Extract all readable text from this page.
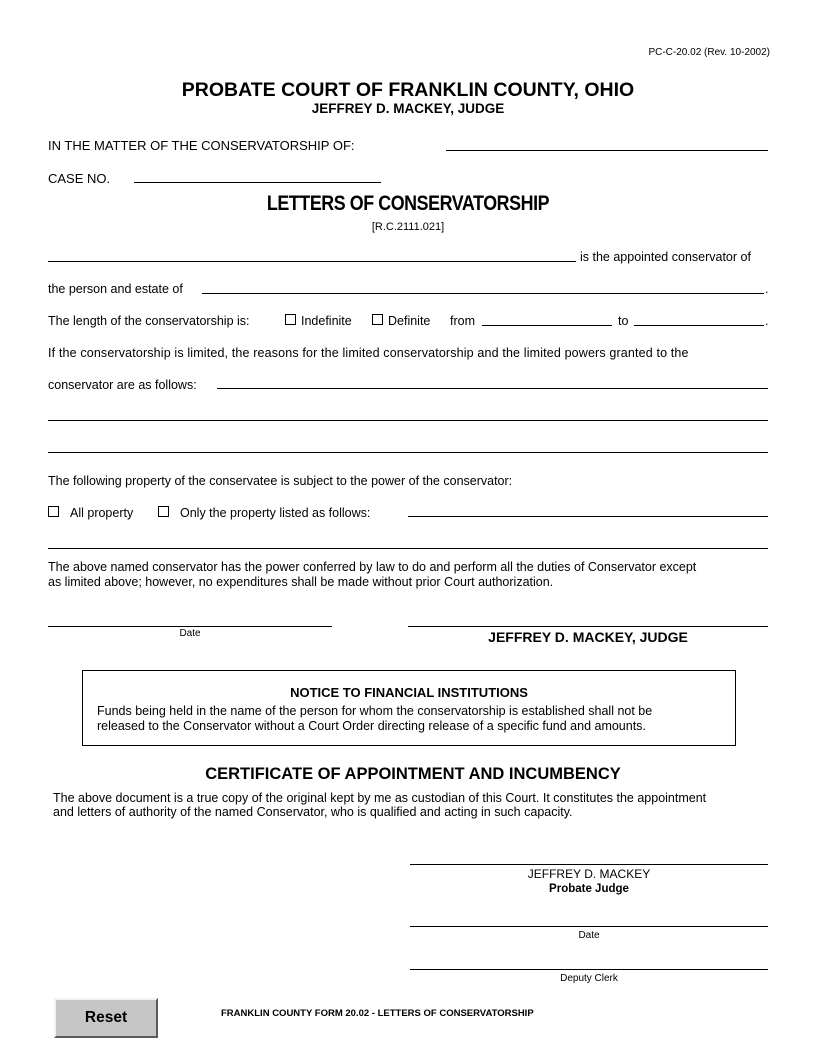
PC-C-20.02 (Rev. 10-2002)
PROBATE COURT OF FRANKLIN COUNTY, OHIO
JEFFREY D. MACKEY, JUDGE
IN THE MATTER OF THE CONSERVATORSHIP OF:
CASE NO.
LETTERS OF CONSERVATORSHIP
[R.C.2111.021]
is the appointed conservator of
the person and estate of	.
The length of the conservatorship is:	Indefinite	Definite from	to	.
If the conservatorship is limited, the reasons for the limited conservatorship and the limited powers granted to the
conservator are as follows:
The following property of the conservatee is subject to the power of the conservator:
All property	Only the property listed as follows:
The above named conservator has the power conferred by law to do and perform all the duties of Conservator except
as limited above; however, no expenditures shall be made without prior Court authorization.
Date	JEFFREY D. MACKEY, JUDGE
NOTICE TO FINANCIAL INSTITUTIONS
Funds being held in the name of the person for whom the conservatorship is established shall not be
released to the Conservator without a Court Order directing release of a specific fund and amounts.
CERTIFICATE OF APPOINTMENT AND INCUMBENCY
The above document is a true copy of the original kept by me as custodian of this Court. It constitutes the appointment
and letters of authority of the named Conservator, who is qualified and acting in such capacity.
JEFFREY D. MACKEY
Probate Judge
Date
Deputy Clerk
Reset	FRANKLIN COUNTY FORM 20.02 - LETTERS OF CONSERVATORSHIP
